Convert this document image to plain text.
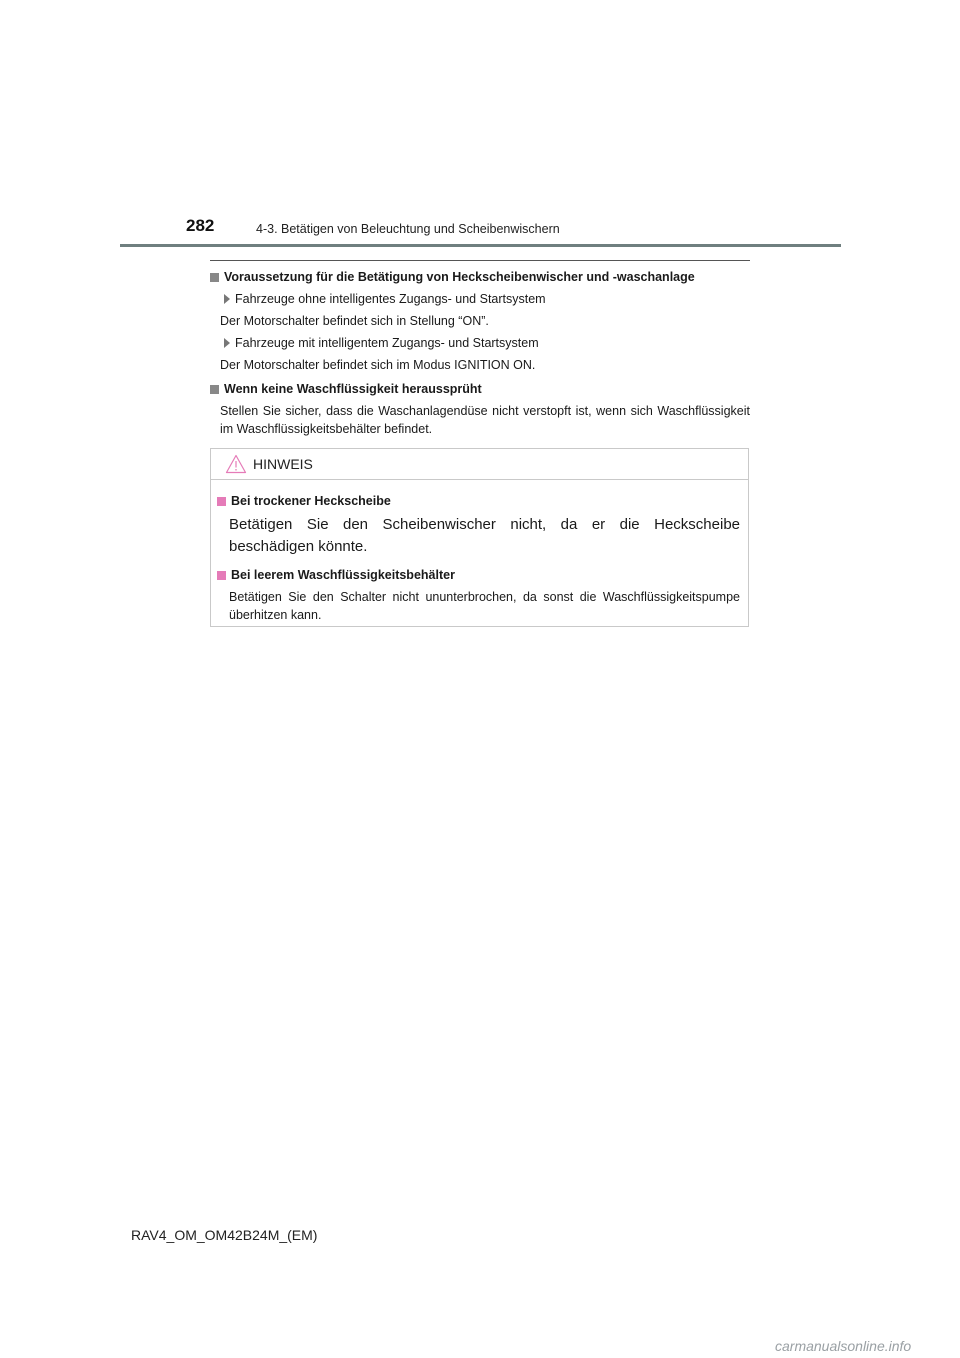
282	4-3. Betätigen von Beleuchtung und Scheibenwischern
Voraussetzung für die Betätigung von Heckscheibenwischer und -waschanlage
Fahrzeuge ohne intelligentes Zugangs- und Startsystem
Der Motorschalter befindet sich in Stellung “ON”.
Fahrzeuge mit intelligentem Zugangs- und Startsystem
Der Motorschalter befindet sich im Modus IGNITION ON.
Wenn keine Waschflüssigkeit heraussprüht
Stellen Sie sicher, dass die Waschanlagendüse nicht verstopft ist, wenn sich Waschflüssigkeit im Waschflüssigkeitsbehälter befindet.
HINWEIS
Bei trockener Heckscheibe
Betätigen Sie den Scheibenwischer nicht, da er die Heckscheibe beschädigen könnte.
Bei leerem Waschflüssigkeitsbehälter
Betätigen Sie den Schalter nicht ununterbrochen, da sonst die Waschflüssigkeitspumpe überhitzen kann.
RAV4_OM_OM42B24M_(EM)
carmanualsonline.info
